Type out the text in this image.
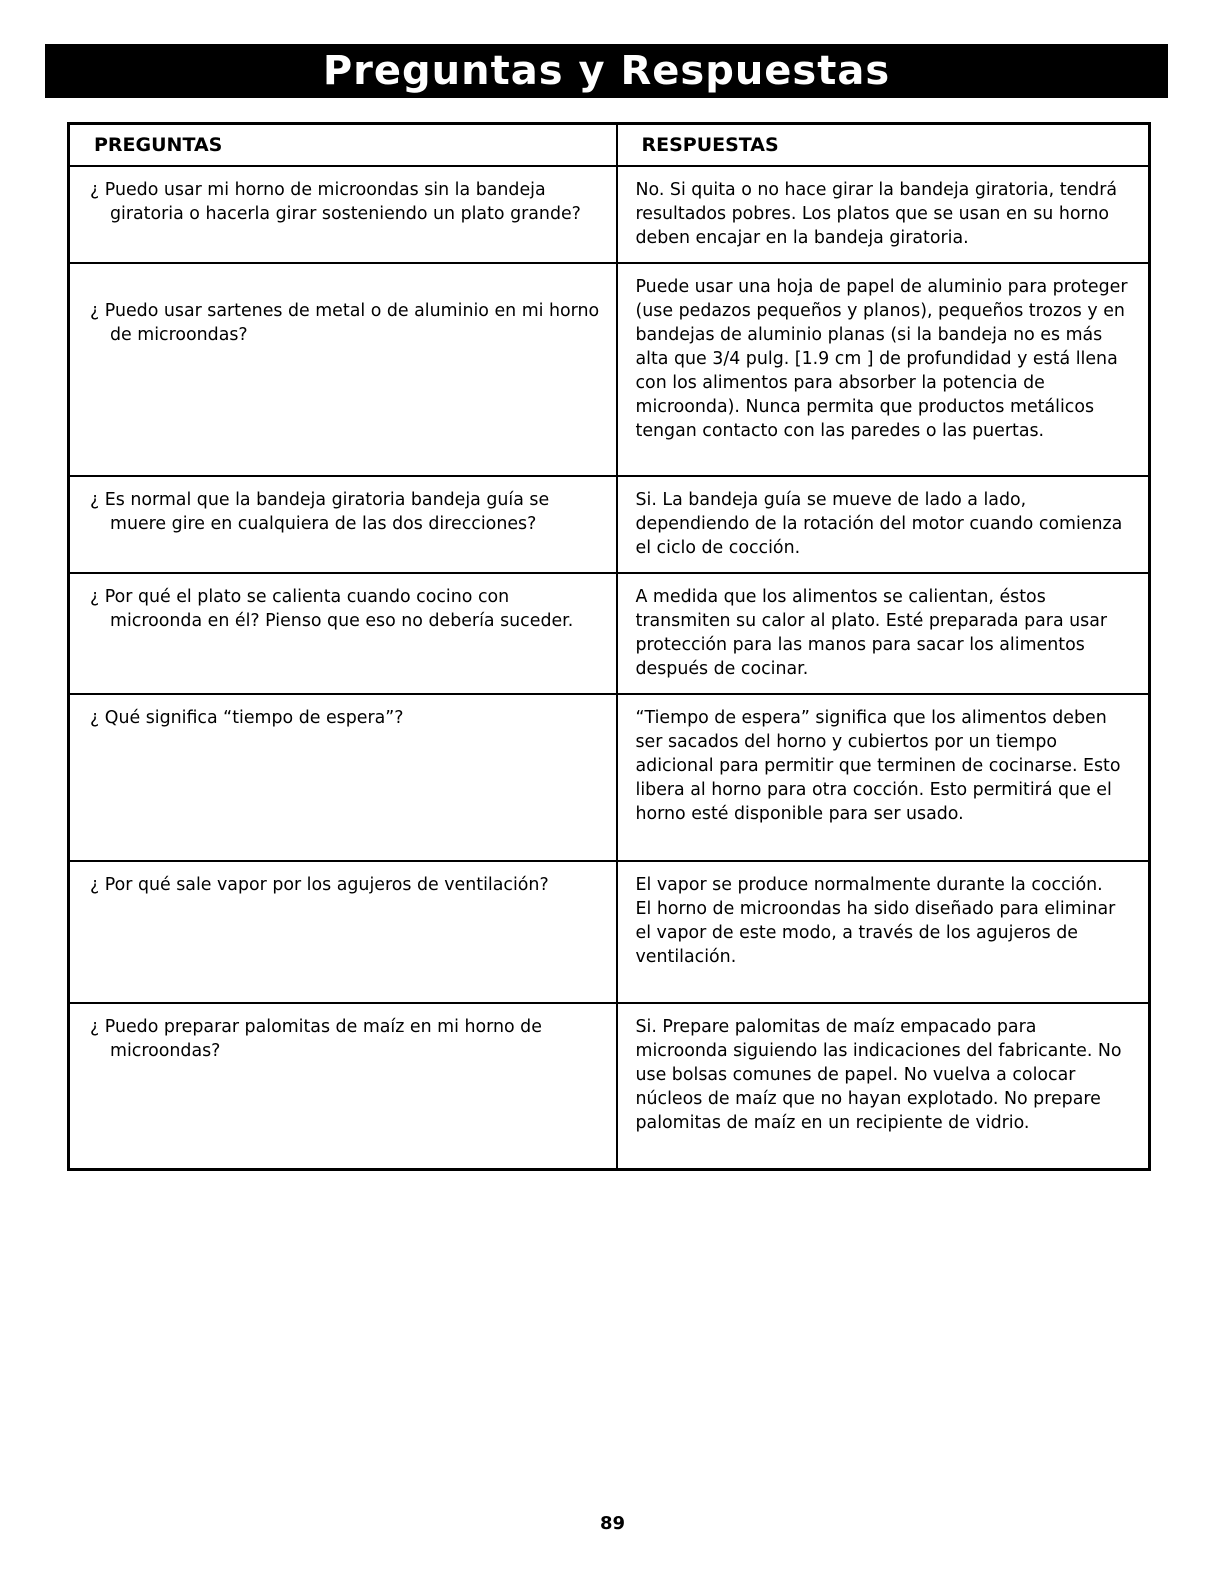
Preguntas y Respuestas
PREGUNTAS	RESPUESTAS

¿ Puedo usar mi horno de microondas sin la bandeja giratoria o hacerla girar sosteniendo un plato grande?	No. Si quita o no hace girar la bandeja giratoria, tendrá resultados pobres. Los platos que se usan en su horno deben encajar en la bandeja giratoria.

¿ Puedo usar sartenes de metal o de aluminio en mi horno de microondas?	Puede usar una hoja de papel de aluminio para proteger (use pedazos pequeños y planos), pequeños trozos y en bandejas de aluminio planas (si la bandeja no es más alta que 3/4 pulg. [1.9 cm ] de profundidad y está llena con los alimentos para absorber la potencia de microonda). Nunca permita que productos metálicos tengan contacto con las paredes o las puertas.

¿ Es normal que la bandeja giratoria bandeja guía se muere gire en cualquiera de las dos direcciones?	Si. La bandeja guía se mueve de lado a lado, dependiendo de la rotación del motor cuando comienza el ciclo de cocción.

¿ Por qué el plato se calienta cuando cocino con microonda en él? Pienso que eso no debería suceder.	A medida que los alimentos se calientan, éstos transmiten su calor al plato. Esté preparada para usar protección para las manos para sacar los alimentos después de cocinar.

¿ Qué significa “tiempo de espera”?	“Tiempo de espera” significa que los alimentos deben ser sacados del horno y cubiertos por un tiempo adicional para permitir que terminen de cocinarse. Esto libera al horno para otra cocción. Esto permitirá que el horno esté disponible para ser usado.

¿ Por qué sale vapor por los agujeros de ventilación?	El vapor se produce normalmente durante la cocción.
El horno de microondas ha sido diseñado para eliminar el vapor de este modo, a través de los agujeros de ventilación.

¿ Puedo preparar palomitas de maíz en mi horno de microondas?	Si. Prepare palomitas de maíz empacado para microonda siguiendo las indicaciones del fabricante. No use bolsas comunes de papel. No vuelva a colocar núcleos de maíz que no hayan explotado. No prepare palomitas de maíz en un recipiente de vidrio.
89
